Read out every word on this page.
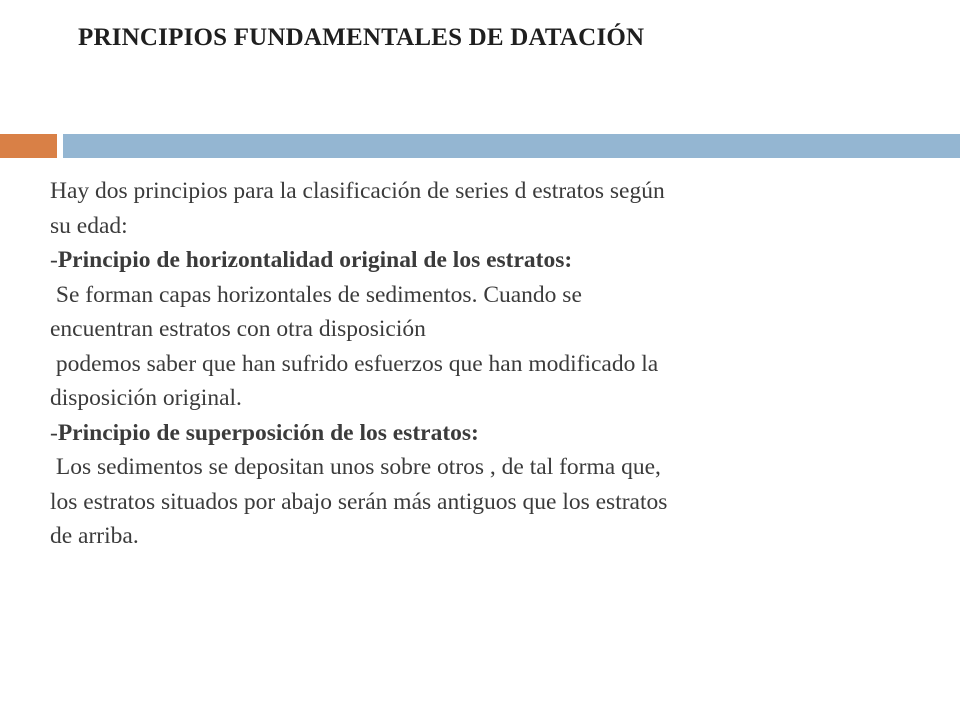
PRINCIPIOS FUNDAMENTALES DE DATACIÓN

Hay dos principios para la clasificación de series d estratos según

su edad:

-Principio de horizontalidad original de los estratos:

Se forman capas horizontales de sedimentos. Cuando se

encuentran estratos con otra disposición

podemos saber que han sufrido esfuerzos que han modificado la

disposición original.

-Principio de superposición de los estratos:

Los sedimentos se depositan unos sobre otros , de tal forma que,

los estratos situados por abajo serán más antiguos que los estratos

de arriba.
